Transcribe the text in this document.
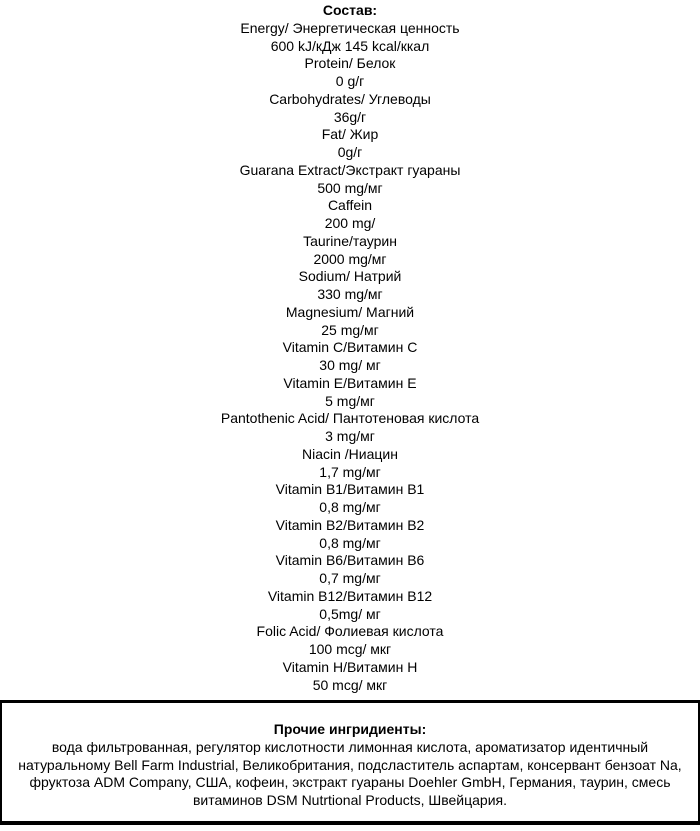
Состав:
Energy/ Энергетическая ценность
600 kJ/кДж 145 kcal/ккал
Protein/ Белок
0 g/г
Carbohydrates/ Углеводы
36g/г
Fat/ Жир
0g/г
Guarana Extract/Экстракт гуараны
500 mg/мг
Caffein
200 mg/
Taurine/таурин
2000 mg/мг
Sodium/ Натрий
330 mg/мг
Magnesium/ Магний
25 mg/мг
Vitamin C/Витамин C
30 mg/ мг
Vitamin E/Витамин E
5 mg/мг
Pantothenic Acid/ Пантотеновая кислота
3 mg/мг
Niacin /Ниацин
1,7 mg/мг
Vitamin B1/Витамин B1
0,8 mg/мг
Vitamin B2/Витамин B2
0,8 mg/мг
Vitamin B6/Витамин B6
0,7 mg/мг
Vitamin B12/Витамин B12
0,5mg/ мг
Folic Acid/ Фолиевая кислота
100 mcg/ мкг
Vitamin H/Витамин H
50 mcg/ мкг
Прочие ингридиенты:
вода фильтрованная, регулятор кислотности лимонная кислота, ароматизатор идентичный
натуральному Bell Farm Industrial, Великобритания, подсластитель аспартам, консервант бензоат Na,
фруктоза ADM Company, США, кофеин, экстракт гуараны Doehler GmbH, Германия, таурин, смесь
витаминов DSM Nutrtional Products, Швейцария.
